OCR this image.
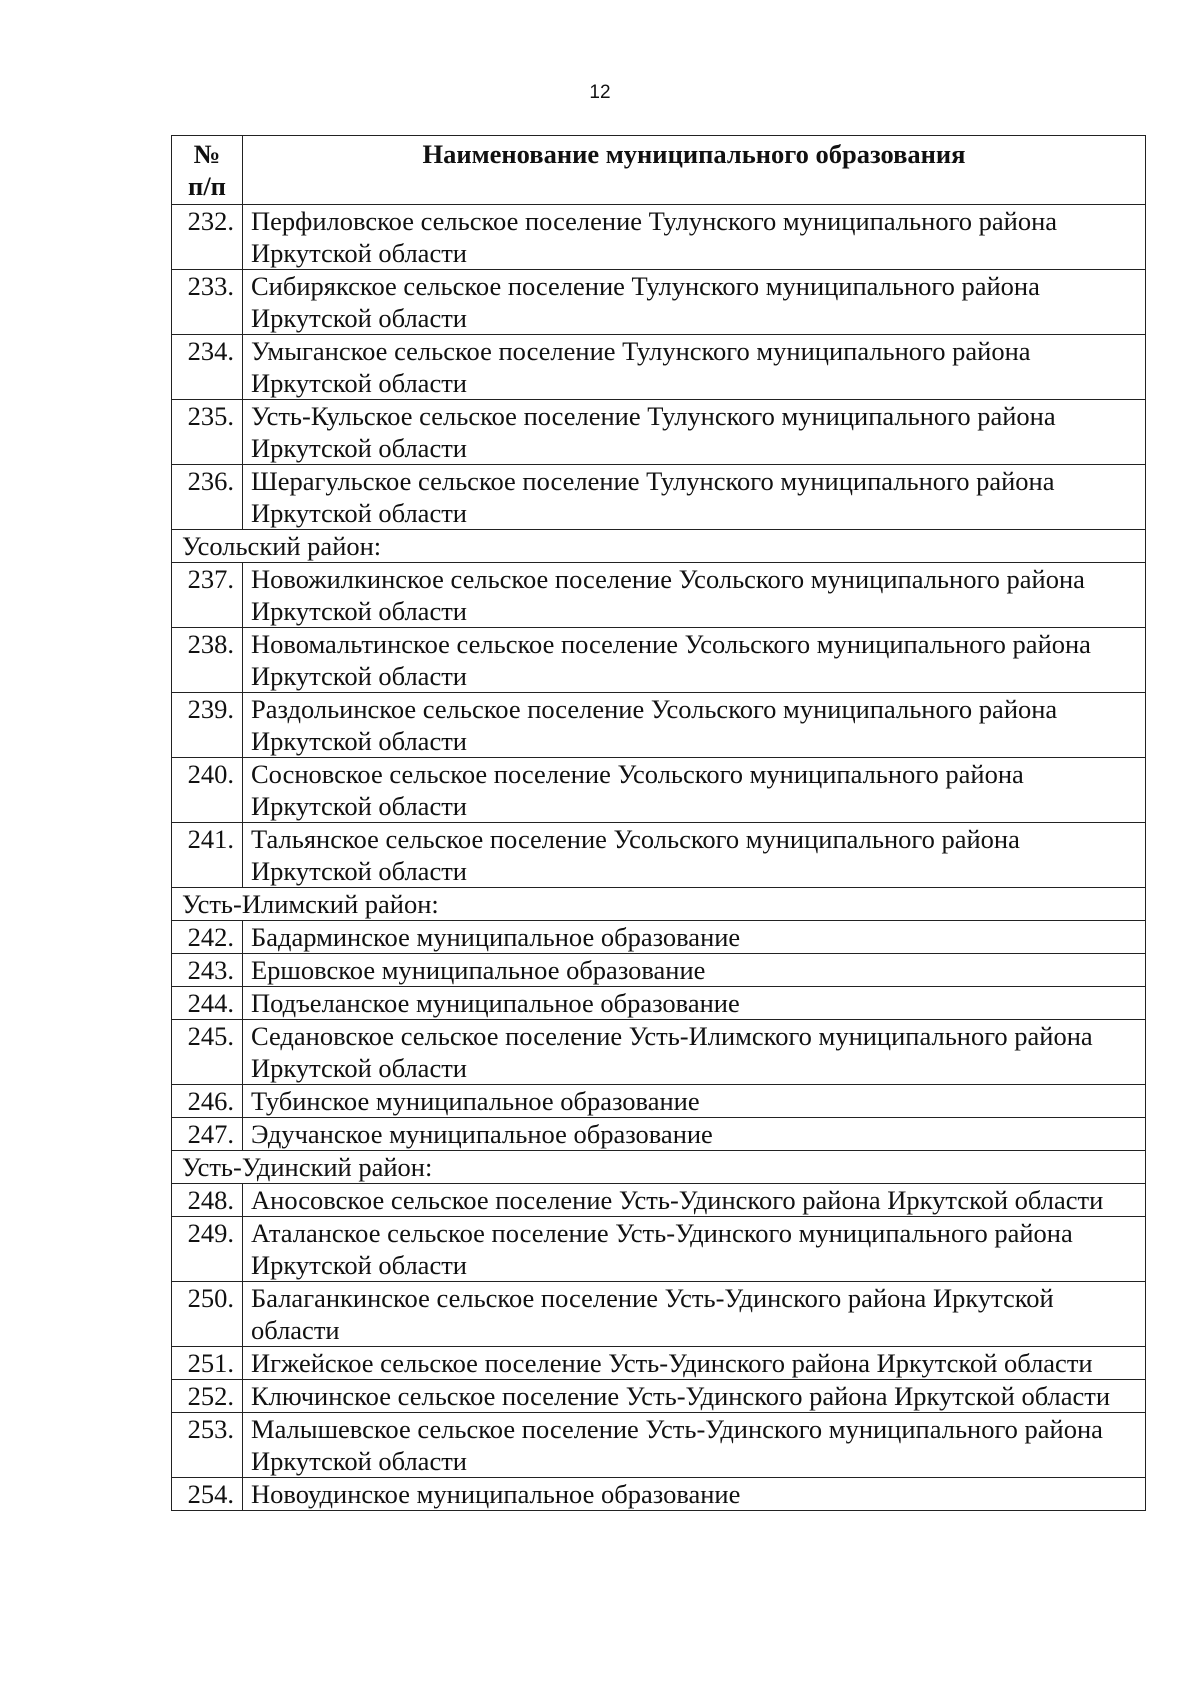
12
№ п/п	Наименование муниципального образования
232.	Перфиловское сельское поселение Тулунского муниципального района Иркутской области
233.	Сибирякское сельское поселение Тулунского муниципального района Иркутской области
234.	Умыганское сельское поселение Тулунского муниципального района Иркутской области
235.	Усть-Кульское сельское поселение Тулунского муниципального района Иркутской области
236.	Шерагульское сельское поселение Тулунского муниципального района Иркутской области
Усольский район:	
237.	Новожилкинское сельское поселение Усольского муниципального района Иркутской области
238.	Новомальтинское сельское поселение Усольского муниципального района Иркутской области
239.	Раздольинское сельское поселение Усольского муниципального района Иркутской области
240.	Сосновское сельское поселение Усольского муниципального района Иркутской области
241.	Тальянское сельское поселение Усольского муниципального района Иркутской области
Усть-Илимский район:	
242.	Бадарминское муниципальное образование
243.	Ершовское муниципальное образование
244.	Подъеланское муниципальное образование
245.	Седановское сельское поселение Усть-Илимского муниципального района Иркутской области
246.	Тубинское муниципальное образование
247.	Эдучанское муниципальное образование
Усть-Удинский район:	
248.	Аносовское сельское поселение Усть-Удинского района Иркутской области
249.	Аталанское сельское поселение Усть-Удинского муниципального района Иркутской области
250.	Балаганкинское сельское поселение Усть-Удинского района Иркутской области
251.	Игжейское сельское поселение Усть-Удинского района Иркутской области
252.	Ключинское сельское поселение Усть-Удинского района Иркутской области
253.	Малышевское сельское поселение Усть-Удинского муниципального района Иркутской области
254.	Новоудинское муниципальное образование
